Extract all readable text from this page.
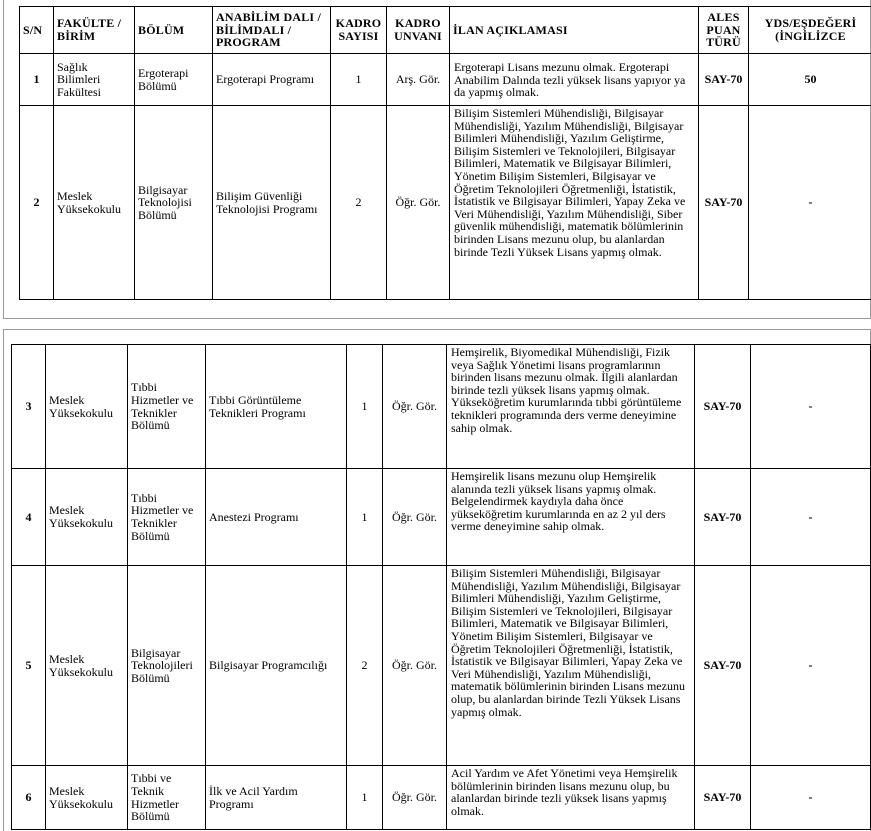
S/N	FAKÜLTE / BİRİM	BÖLÜM	ANABİLİM DALI / BİLİMDALI / PROGRAM	KADRO SAYISI	KADRO UNVANI	İLAN AÇIKLAMASI	ALES PUAN TÜRÜ	YDS/EŞDEĞERİ (İNGİLİZCE
1	Sağlık Bilimleri Fakültesi	Ergoterapi Bölümü	Ergoterapi Programı	1	Arş. Gör.	Ergoterapi Lisans mezunu olmak. Ergoterapi Anabilim Dalında tezli yüksek lisans yapıyor ya da yapmış olmak.	SAY-70	50
2	Meslek Yüksekokulu	Bilgisayar Teknolojisi Bölümü	Bilişim Güvenliği Teknolojisi Programı	2	Öğr. Gör.	Bilişim Sistemleri Mühendisliği, Bilgisayar Mühendisliği, Yazılım Mühendisliği, Bilgisayar Bilimleri Mühendisliği, Yazılım Geliştirme, Bilişim Sistemleri ve Teknolojileri, Bilgisayar Bilimleri, Matematik ve Bilgisayar Bilimleri, Yönetim Bilişim Sistemleri, Bilgisayar ve Öğretim Teknolojileri Öğretmenliği, İstatistik, İstatistik ve Bilgisayar Bilimleri, Yapay Zeka ve Veri Mühendisliği, Yazılım Mühendisliği, Siber güvenlik mühendisliği, matematik bölümlerinin birinden Lisans mezunu olup, bu alanlardan birinde Tezli Yüksek Lisans yapmış olmak.	SAY-70	-
3	Meslek Yüksekokulu	Tıbbi Hizmetler ve Teknikler Bölümü	Tıbbi Görüntüleme Teknikleri Programı	1	Öğr. Gör.	Hemşirelik, Biyomedikal Mühendisliği, Fizik veya Sağlık Yönetimi lisans programlarının birinden lisans mezunu olmak. İlgili alanlardan birinde tezli yüksek lisans yapmış olmak. Yükseköğretim kurumlarında tıbbi görüntüleme teknikleri programında ders verme deneyimine sahip olmak.	SAY-70	-
4	Meslek Yüksekokulu	Tıbbi Hizmetler ve Teknikler Bölümü	Anestezi Programı	1	Öğr. Gör.	Hemşirelik lisans mezunu olup Hemşirelik alanında tezli yüksek lisans yapmış olmak. Belgelendirmek kaydıyla daha önce yükseköğretim kurumlarında en az 2 yıl ders verme deneyimine sahip olmak.	SAY-70	-
5	Meslek Yüksekokulu	Bilgisayar Teknolojileri Bölümü	Bilgisayar Programcılığı	2	Öğr. Gör.	Bilişim Sistemleri Mühendisliği, Bilgisayar Mühendisliği, Yazılım Mühendisliği, Bilgisayar Bilimleri Mühendisliği, Yazılım Geliştirme, Bilişim Sistemleri ve Teknolojileri, Bilgisayar Bilimleri, Matematik ve Bilgisayar Bilimleri, Yönetim Bilişim Sistemleri, Bilgisayar ve Öğretim Teknolojileri Öğretmenliği, İstatistik, İstatistik ve Bilgisayar Bilimleri, Yapay Zeka ve Veri Mühendisliği, Yazılım Mühendisliği, matematik bölümlerinin birinden Lisans mezunu olup, bu alanlardan birinde Tezli Yüksek Lisans yapmış olmak.	SAY-70	-
6	Meslek Yüksekokulu	Tıbbi ve Teknik Hizmetler Bölümü	İlk ve Acil Yardım Programı	1	Öğr. Gör.	Acil Yardım ve Afet Yönetimi veya Hemşirelik bölümlerinin birinden lisans mezunu olup, bu alanlardan birinde tezli yüksek lisans yapmış olmak.	SAY-70	-
